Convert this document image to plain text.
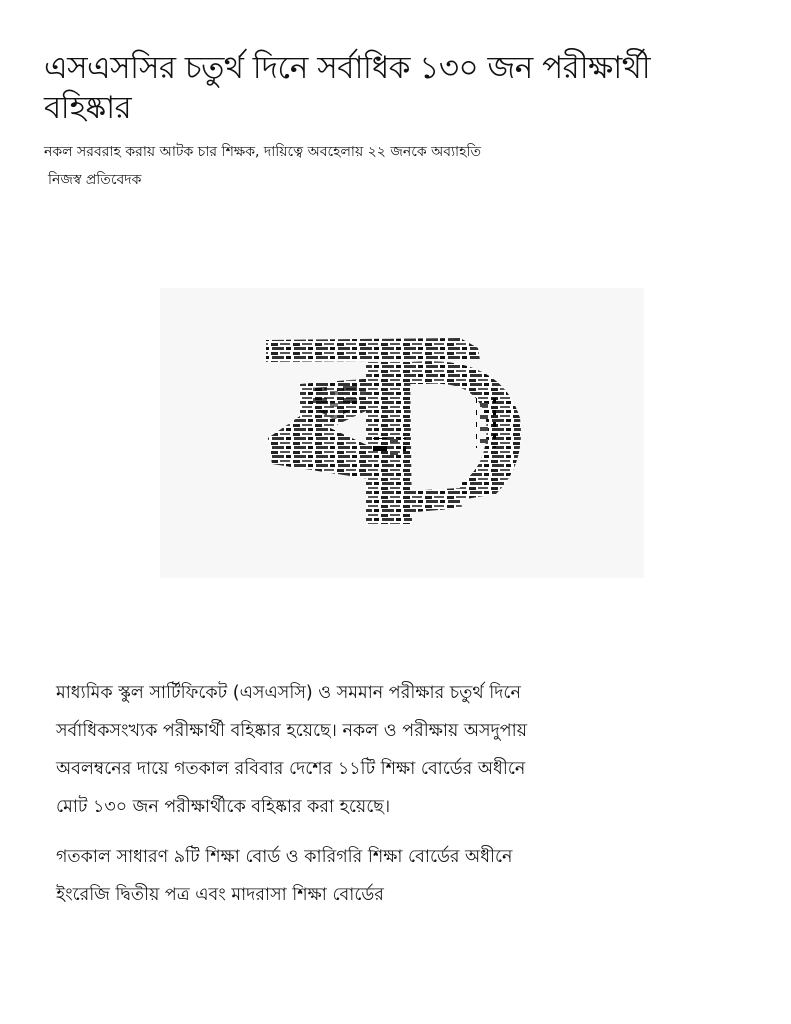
এসএসসির চতুর্থ দিনে সর্বাধিক ১৩০ জন পরীক্ষার্থী বহিষ্কার

নকল সরবরাহ করায় আটক চার শিক্ষক, দায়িত্বে অবহেলায় ২২ জনকে অব্যাহতি

নিজস্ব প্রতিবেদক

মাধ্যমিক স্কুল সার্টিফিকেট (এসএসসি) ও সমমান পরীক্ষার চতুর্থ দিনে সর্বাধিকসংখ্যক পরীক্ষার্থী বহিষ্কার হয়েছে। নকল ও পরীক্ষায় অসদুপায় অবলম্বনের দায়ে গতকাল রবিবার দেশের ১১টি শিক্ষা বোর্ডের অধীনে মোট ১৩০ জন পরীক্ষার্থীকে বহিষ্কার করা হয়েছে।

গতকাল সাধারণ ৯টি শিক্ষা বোর্ড ও কারিগরি শিক্ষা বোর্ডের অধীনে ইংরেজি দ্বিতীয় পত্র এবং মাদরাসা শিক্ষা বোর্ডের
